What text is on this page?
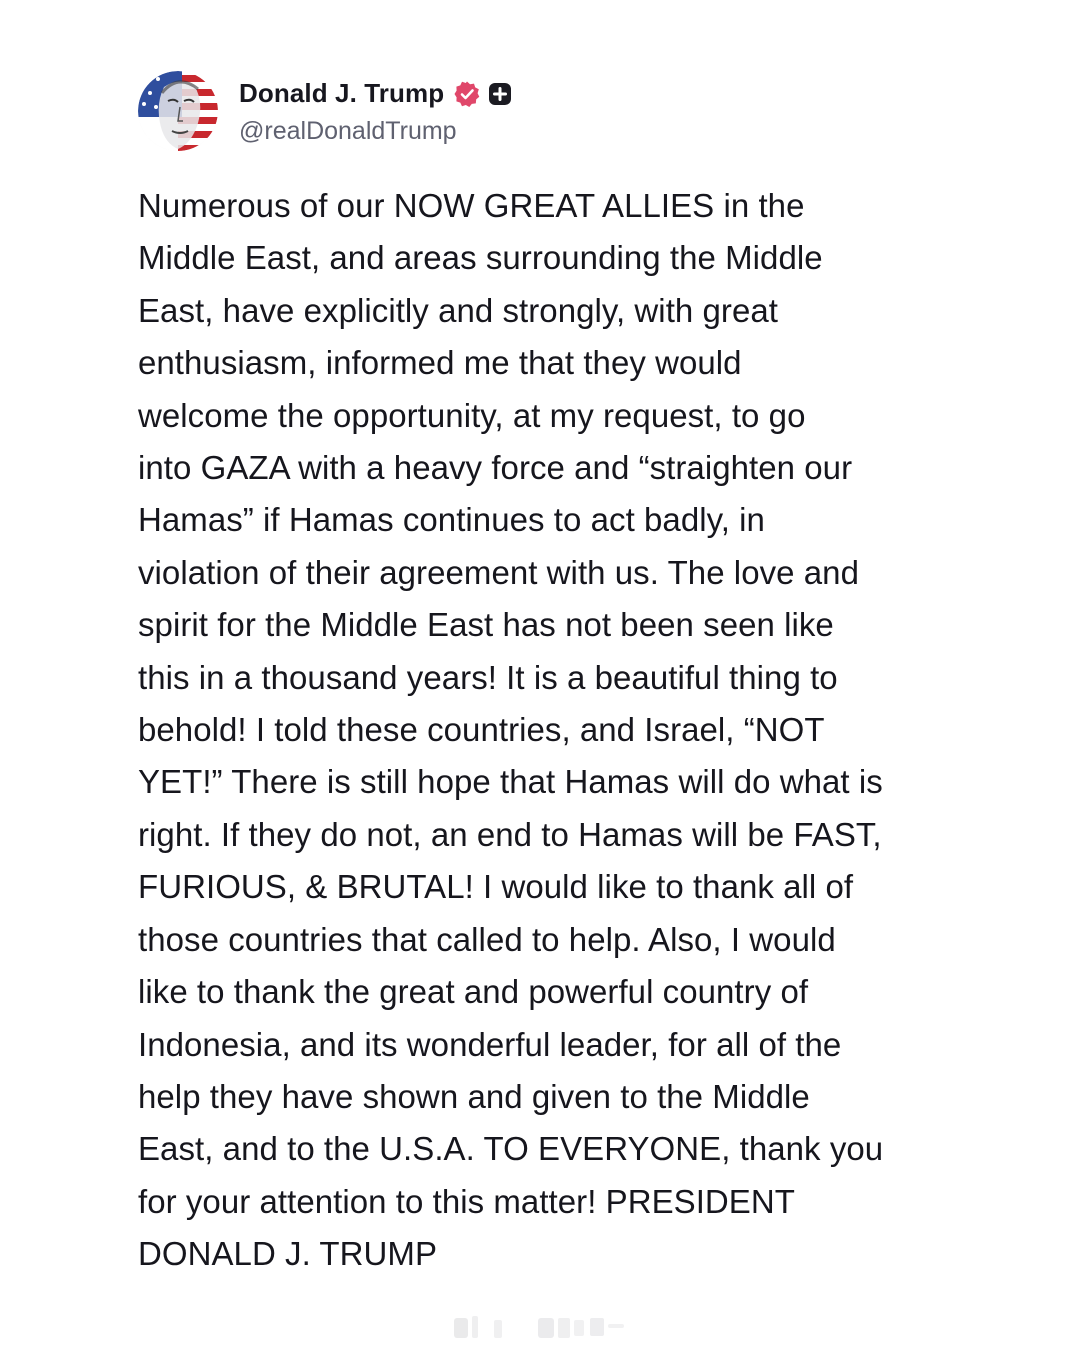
Donald J. Trump
@realDonaldTrump
Numerous of our NOW GREAT ALLIES in the
Middle East, and areas surrounding the Middle
East, have explicitly and strongly, with great
enthusiasm, informed me that they would
welcome the opportunity, at my request, to go
into GAZA with a heavy force and “straighten our
Hamas” if Hamas continues to act badly, in
violation of their agreement with us. The love and
spirit for the Middle East has not been seen like
this in a thousand years! It is a beautiful thing to
behold! I told these countries, and Israel, “NOT
YET!” There is still hope that Hamas will do what is
right. If they do not, an end to Hamas will be FAST,
FURIOUS, & BRUTAL! I would like to thank all of
those countries that called to help. Also, I would
like to thank the great and powerful country of
Indonesia, and its wonderful leader, for all of the
help they have shown and given to the Middle
East, and to the U.S.A. TO EVERYONE, thank you
for your attention to this matter! PRESIDENT
DONALD J. TRUMP
